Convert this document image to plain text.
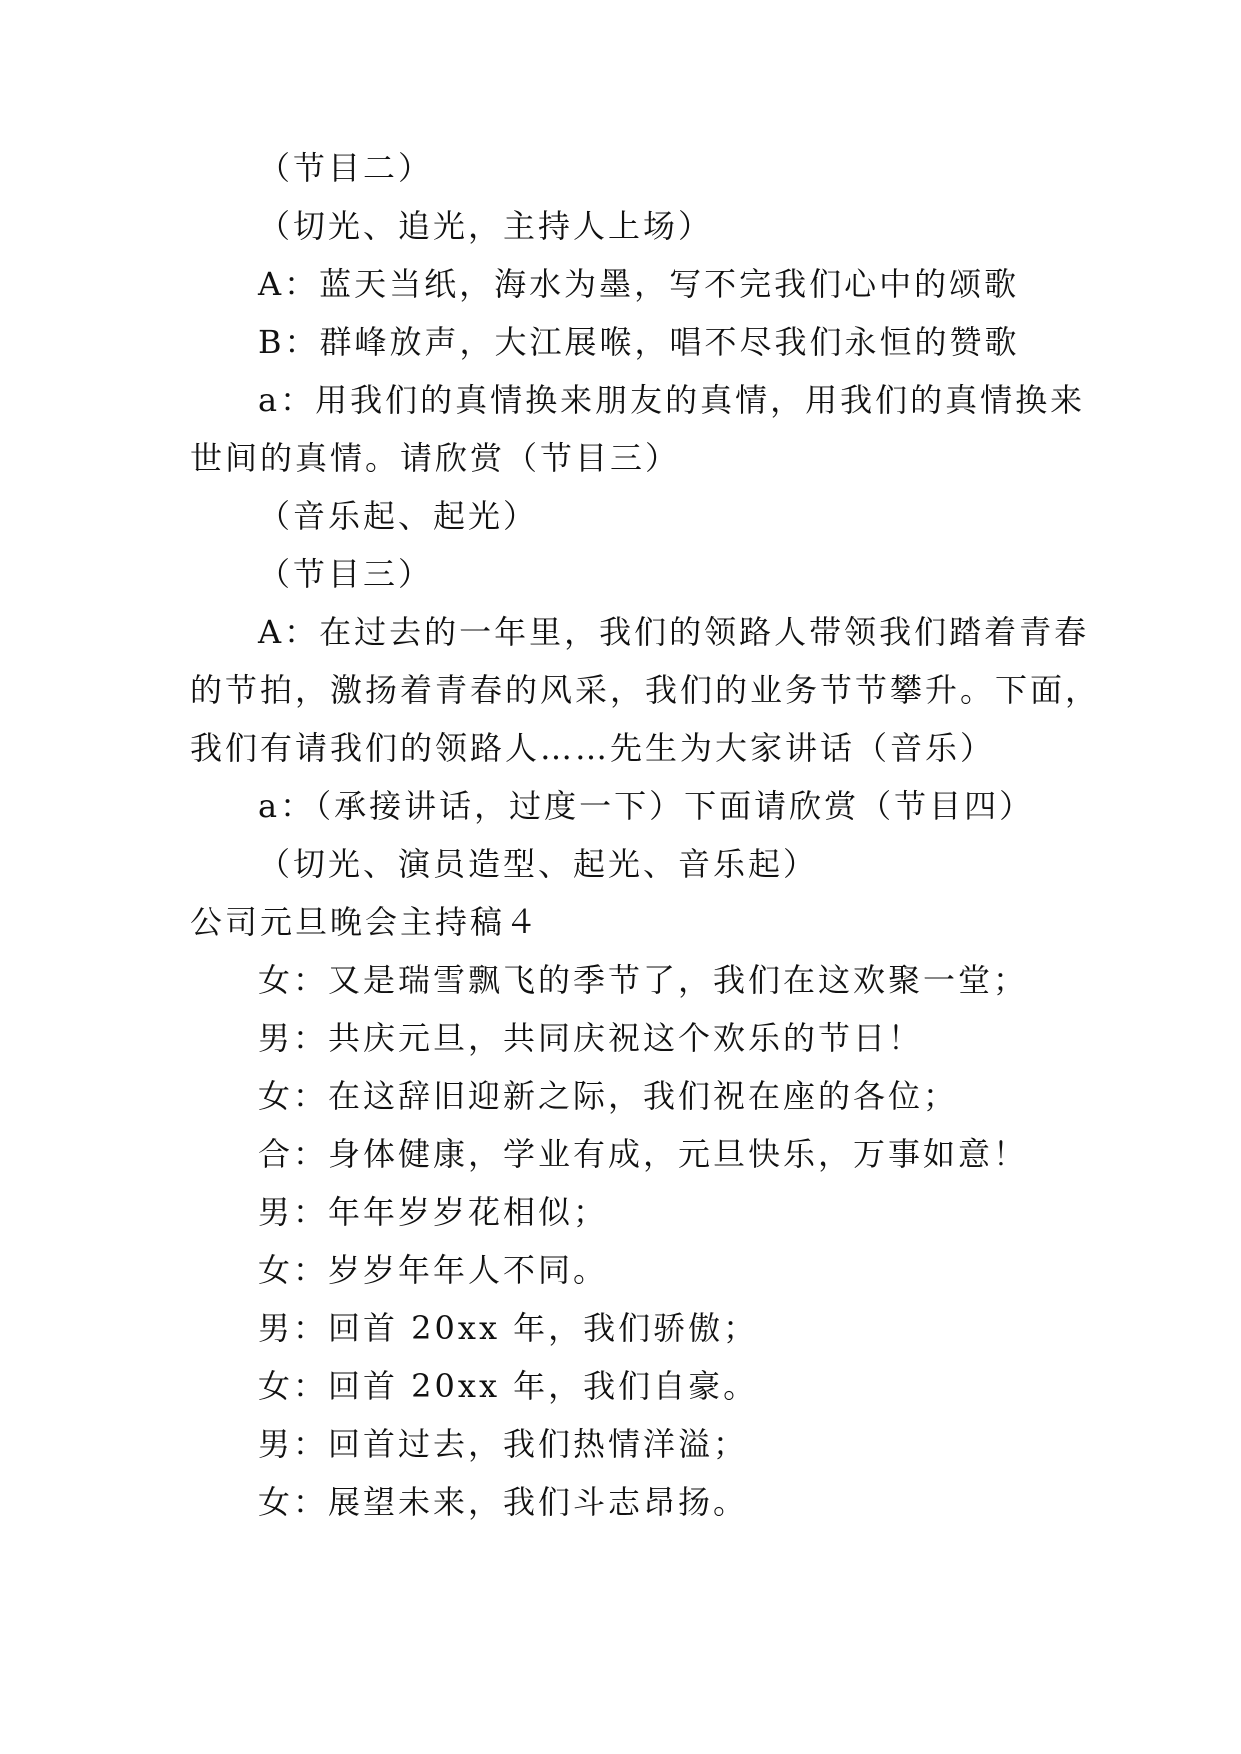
（节目二）
（切光、追光，主持人上场）
A：蓝天当纸，海水为墨，写不完我们心中的颂歌
B：群峰放声，大江展喉，唱不尽我们永恒的赞歌
a：用我们的真情换来朋友的真情，用我们的真情换来
世间的真情。请欣赏（节目三）
（音乐起、起光）
（节目三）
A：在过去的一年里，我们的领路人带领我们踏着青春
的节拍，激扬着青春的风采，我们的业务节节攀升。下面，
我们有请我们的领路人……先生为大家讲话（音乐）
a：（承接讲话，过度一下）下面请欣赏（节目四）
（切光、演员造型、起光、音乐起）
公司元旦晚会主持稿４
女：又是瑞雪飘飞的季节了，我们在这欢聚一堂；
男：共庆元旦，共同庆祝这个欢乐的节日！
女：在这辞旧迎新之际，我们祝在座的各位；
合：身体健康，学业有成，元旦快乐，万事如意！
男：年年岁岁花相似；
女：岁岁年年人不同。
男：回首 20xx 年，我们骄傲；
女：回首 20xx 年，我们自豪。
男：回首过去，我们热情洋溢；
女：展望未来，我们斗志昂扬。
